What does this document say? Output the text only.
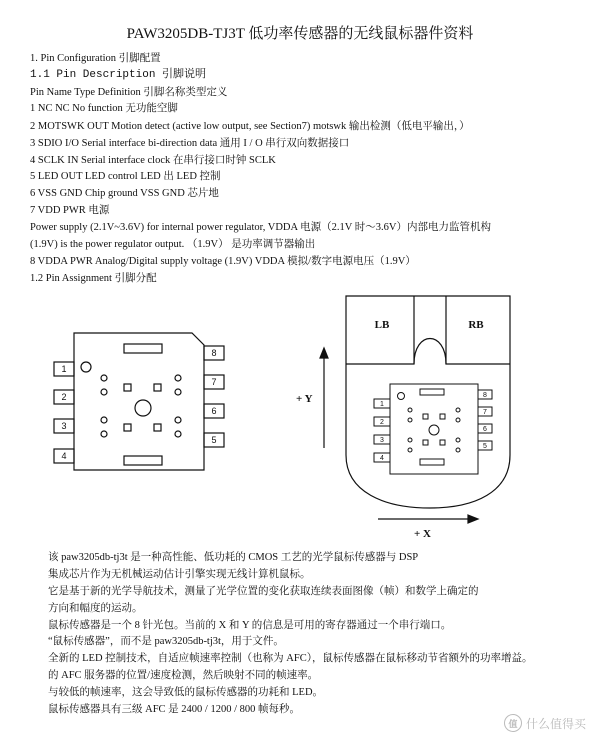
PAW3205DB-TJ3T 低功率传感器的无线鼠标器件资料
1. Pin Configuration 引脚配置
1.1 Pin Description 引脚说明
Pin Name Type Definition 引脚名称类型定义
1 NC NC No function 无功能空脚
2 MOTSWK OUT Motion detect (active low output, see Section7) motswk 输出检测（低电平输出，）
3 SDIO I/O Serial interface bi-direction data 通用 I / O 串行双向数据接口
4 SCLK IN Serial interface clock 在串行接口时钟 SCLK
5 LED OUT LED control LED 出 LED 控制
6 VSS GND Chip ground VSS GND 芯片地
7 VDD PWR 电源
Power supply (2.1V~3.6V) for internal power regulator, VDDA 电源（2.1V 时～3.6V）内部电力监管机构
(1.9V) is the power regulator output. （1.9V） 是功率调节器输出
8 VDDA PWR Analog/Digital supply voltage (1.9V) VDDA 模拟/数字电源电压（1.9V）
1.2 Pin Assignment 引脚分配
1
2
3
4
8
7
6
5
LB	RB
+ Y
+ X
1
2
3
4
8
7
6
5
该 paw3205db-tj3t 是一种高性能、低功耗的 CMOS 工艺的光学鼠标传感器与 DSP
集成芯片作为无机械运动估计引擎实现无线计算机鼠标。
它是基于新的光学导航技术，测量了光学位置的变化获取连续表面图像（帧）和数学上确定的
方向和幅度的运动。
鼠标传感器是一个 8 针光包。当前的 X 和 Y 的信息是可用的寄存器通过一个串行端口。
“鼠标传感器”，而不是 paw3205db-tj3t，用于文件。
全新的 LED 控制技术，自适应帧速率控制（也称为 AFC），鼠标传感器在鼠标移动节省额外的功率增益。
的 AFC 服务器的位置/速度检测，然后映射不同的帧速率。
与较低的帧速率，这会导致低的鼠标传感器的功耗和 LED。
鼠标传感器具有三级 AFC 是 2400 / 1200 / 800 帧每秒。
值 什么值得买
